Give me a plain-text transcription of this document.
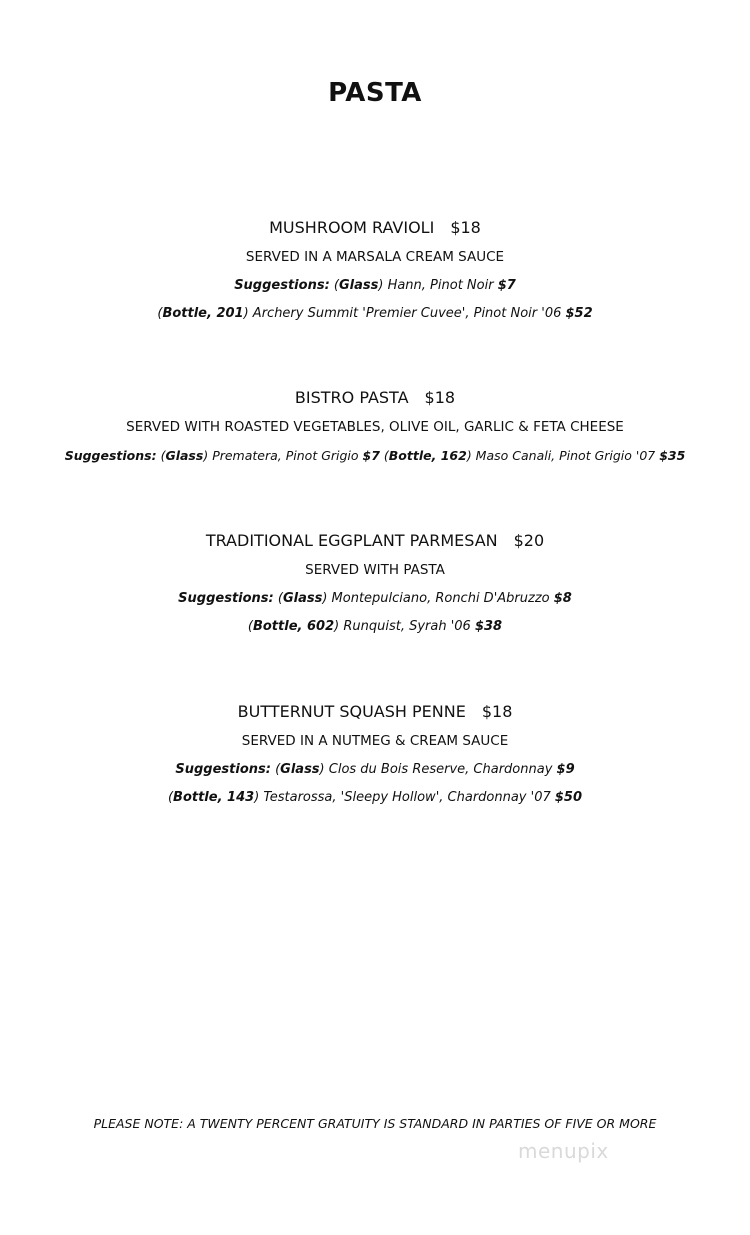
PASTA
MUSHROOM RAVIOLI $18
SERVED IN A MARSALA CREAM SAUCE
Suggestions: (Glass) Hann, Pinot Noir $7
(Bottle, 201) Archery Summit 'Premier Cuvee', Pinot Noir '06 $52
BISTRO PASTA $18
SERVED WITH ROASTED VEGETABLES, OLIVE OIL, GARLIC & FETA CHEESE
Suggestions: (Glass) Prematera, Pinot Grigio $7 (Bottle, 162) Maso Canali, Pinot Grigio '07 $35
TRADITIONAL EGGPLANT PARMESAN $20
SERVED WITH PASTA
Suggestions: (Glass) Montepulciano, Ronchi D'Abruzzo $8
(Bottle, 602) Runquist, Syrah '06 $38
BUTTERNUT SQUASH PENNE $18
SERVED IN A NUTMEG & CREAM SAUCE
Suggestions: (Glass) Clos du Bois Reserve, Chardonnay $9
(Bottle, 143) Testarossa, 'Sleepy Hollow', Chardonnay '07 $50
PLEASE NOTE: A TWENTY PERCENT GRATUITY IS STANDARD IN PARTIES OF FIVE OR MORE
menupix
